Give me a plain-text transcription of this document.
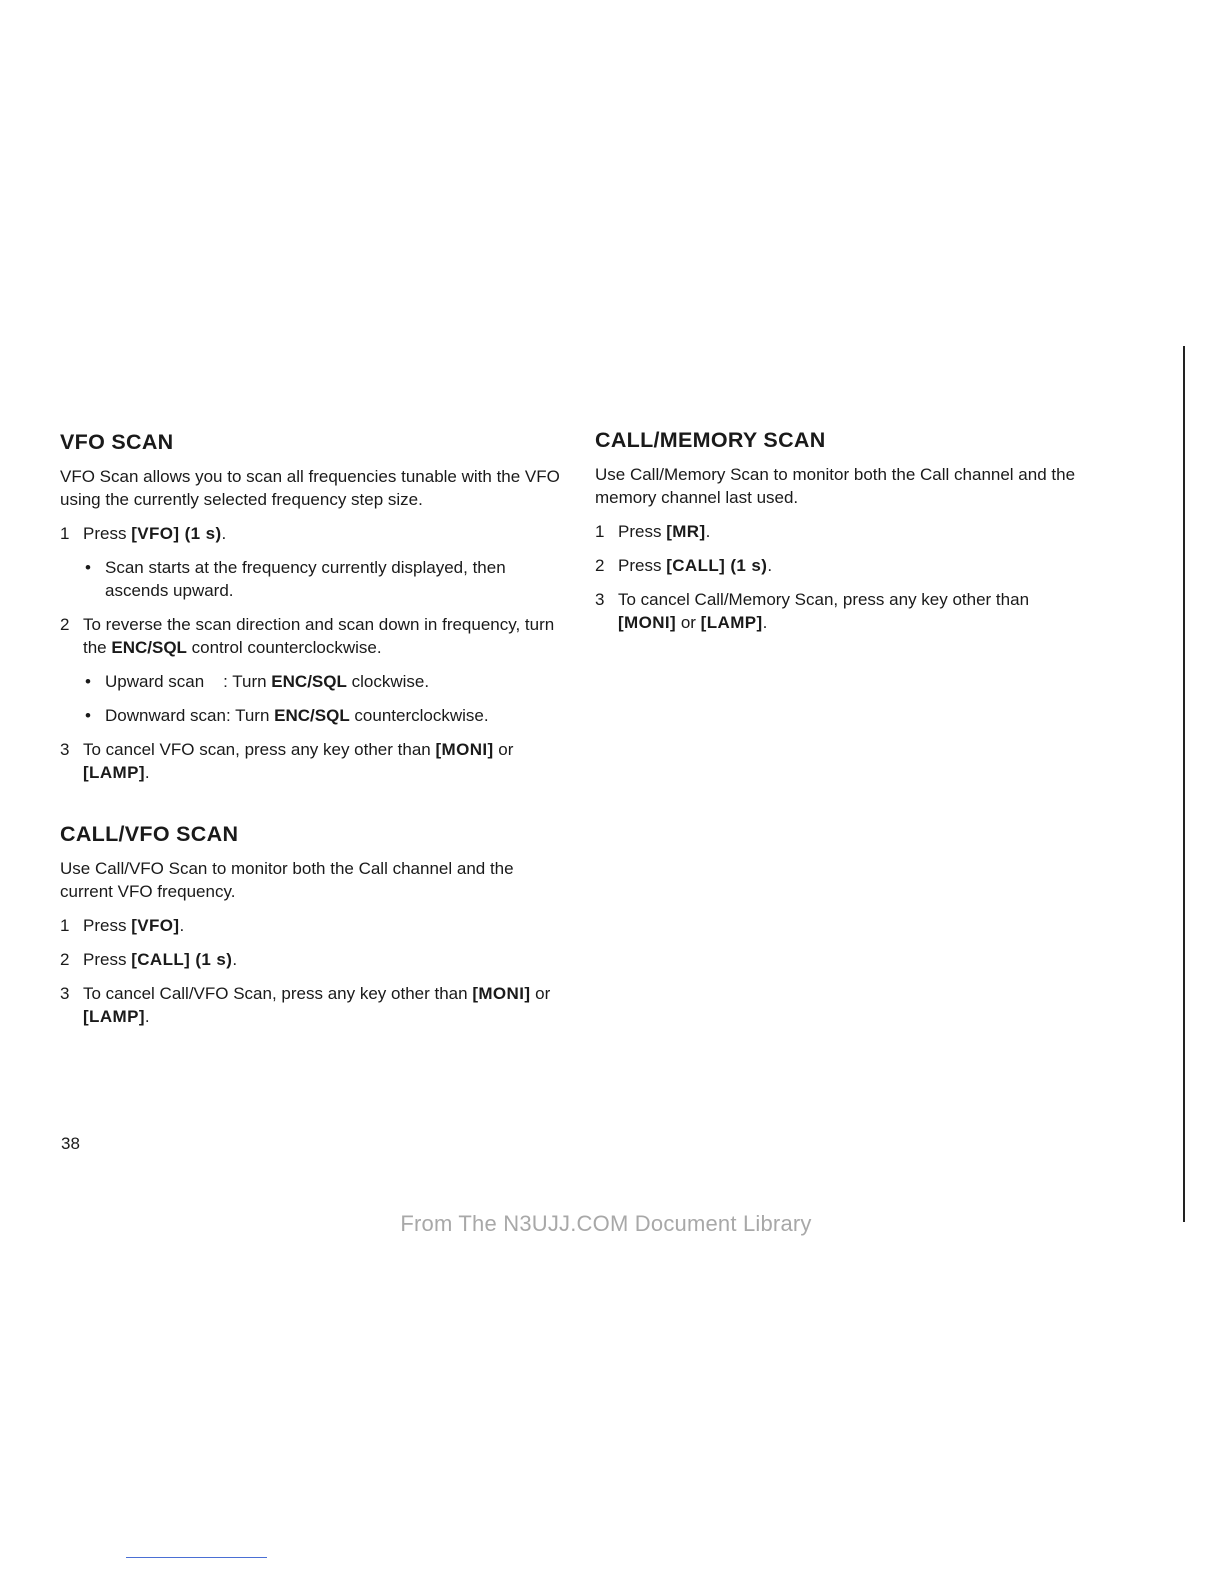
VFO SCAN

VFO Scan allows you to scan all frequencies tunable with the VFO using the currently selected frequency step size.

1 Press [VFO] (1 s).
• Scan starts at the frequency currently displayed, then ascends upward.
2 To reverse the scan direction and scan down in frequency, turn the ENC/SQL control counterclockwise.
• Upward scan    : Turn ENC/SQL clockwise.
• Downward scan: Turn ENC/SQL counterclockwise.
3 To cancel VFO scan, press any key other than [MONI] or [LAMP].
CALL/VFO SCAN

Use Call/VFO Scan to monitor both the Call channel and the current VFO frequency.

1 Press [VFO].
2 Press [CALL] (1 s).
3 To cancel Call/VFO Scan, press any key other than [MONI] or [LAMP].
CALL/MEMORY SCAN

Use Call/Memory Scan to monitor both the Call channel and the memory channel last used.

1 Press [MR].
2 Press [CALL] (1 s).
3 To cancel Call/Memory Scan, press any key other than [MONI] or [LAMP].
38
From The N3UJJ.COM Document Library
